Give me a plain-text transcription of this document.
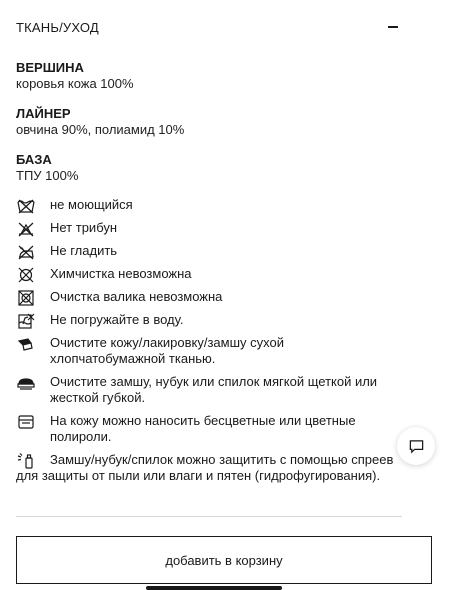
ТКАНЬ/УХОД
ВЕРШИНА
коровья кожа 100%
ЛАЙНЕР
овчина 90%, полиамид 10%
БАЗА
ТПУ 100%
не моющийся
Нет трибун
Не гладить
Химчистка невозможна
Очистка валика невозможна
Не погружайте в воду.
Очистите кожу/лакировку/замшу сухой хлопчатобумажной тканью.
Очистите замшу, нубук или спилок мягкой щеткой или жесткой губкой.
На кожу можно наносить бесцветные или цветные полироли.
Замшу/нубук/спилок можно защитить с помощью спреев для защиты от пыли или влаги и пятен (гидрофугирования).
добавить в корзину
